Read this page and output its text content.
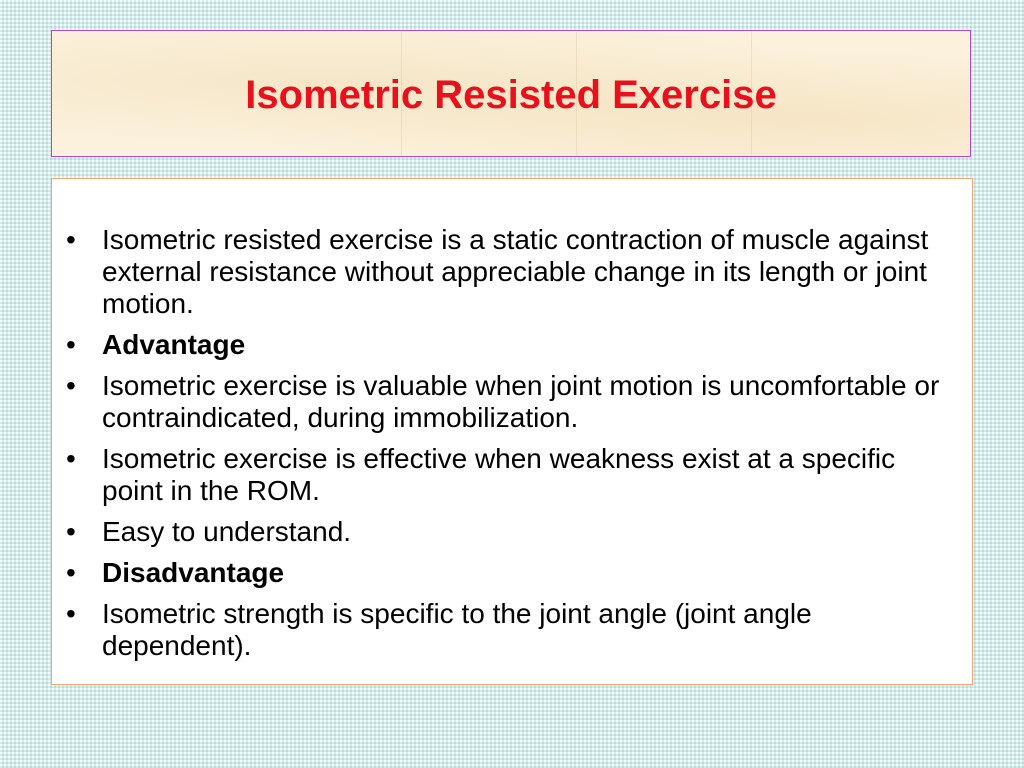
Isometric Resisted Exercise
• Isometric resisted exercise is a static contraction of muscle against external resistance without appreciable change in its length or joint motion.
• Advantage
• Isometric exercise is valuable when joint motion is uncomfortable or contraindicated, during immobilization.
• Isometric exercise is effective when weakness exist at a specific point in the ROM.
• Easy to understand.
• Disadvantage
• Isometric strength is specific to the joint angle (joint angle dependent).
